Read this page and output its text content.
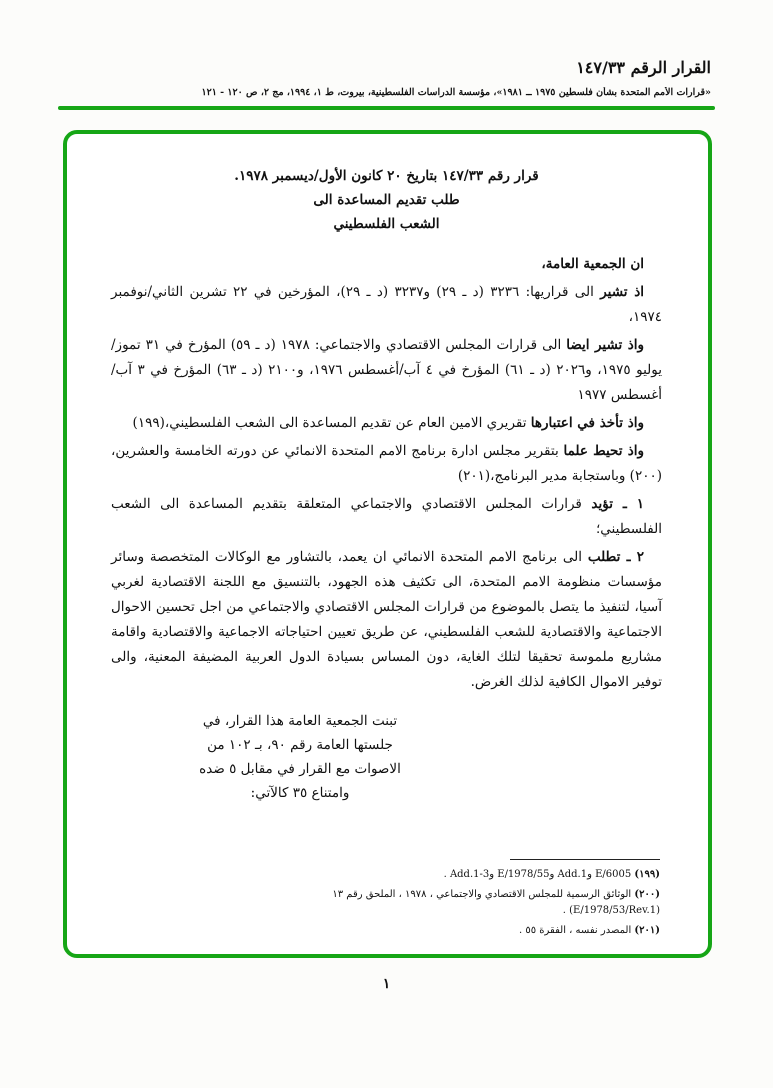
القرار الرقم ١٤٧/٣٣
«قرارات الأمم المتحدة بشأن فلسطين ١٩٧٥ ــ ١٩٨١»، مؤسسة الدراسات الفلسطينية، بيروت، ط ١، ١٩٩٤، مج ٢، ص ١٢٠ - ١٢١
قرار رقم ١٤٧/٣٣ بتاريخ ٢٠ كانون الأول/ديسمبر ١٩٧٨.
طلب تقديم المساعدة الى
الشعب الفلسطيني

ان الجمعية العامة،

اذ تشير الى قراريها: ٣٢٣٦ (د ـ ٢٩) و٣٢٣٧ (د ـ ٢٩)، المؤرخين في ٢٢ تشرين الثاني/نوفمبر ١٩٧٤،

واذ تشير ايضا الى قرارات المجلس الاقتصادي والاجتماعي: ١٩٧٨ (د ـ ٥٩) المؤرخ في ٣١ تموز/يوليو ١٩٧٥، و٢٠٢٦ (د ـ ٦١) المؤرخ في ٤ آب/أغسطس ١٩٧٦، و٢١٠٠ (د ـ ٦٣) المؤرخ في ٣ آب/أغسطس ١٩٧٧

واذ تأخذ في اعتبارها تقريري الامين العام عن تقديم المساعدة الى الشعب الفلسطيني،(١٩٩)

واذ تحيط علما بتقرير مجلس ادارة برنامج الامم المتحدة الانمائي عن دورته الخامسة والعشرين،(٢٠٠) وباستجابة مدير البرنامج،(٢٠١)

١ ـ تؤيد قرارات المجلس الاقتصادي والاجتماعي المتعلقة بتقديم المساعدة الى الشعب الفلسطيني؛

٢ ـ تطلب الى برنامج الامم المتحدة الانمائي ان يعمد، بالتشاور مع الوكالات المتخصصة وسائر مؤسسات منظومة الامم المتحدة، الى تكثيف هذه الجهود، بالتنسيق مع اللجنة الاقتصادية لغربي آسيا، لتنفيذ ما يتصل بالموضوع من قرارات المجلس الاقتصادي والاجتماعي من اجل تحسين الاحوال الاجتماعية والاقتصادية للشعب الفلسطيني، عن طريق تعيين احتياجاته الاجماعية والاقتصادية واقامة مشاريع ملموسة تحقيقا لتلك الغاية، دون المساس بسيادة الدول العربية المضيفة المعنية، والى توفير الاموال الكافية لذلك الغرض.

تبنت الجمعية العامة هذا القرار، في جلستها العامة رقم ٩٠، بـ ١٠٢ من الاصوات مع القرار في مقابل ٥ ضده وامتناع ٣٥ كالآتي:
(١٩٩) E/6005 وAdd.1 وE/1978/55 وAdd.1-3 .
(٢٠٠) الوثائق الرسمية للمجلس الاقتصادي والاجتماعي ، ١٩٧٨ ، الملحق رقم ١٣ (E/1978/53/Rev.1) .
(٢٠١) المصدر نفسه ، الفقرة ٥٥ .
١
